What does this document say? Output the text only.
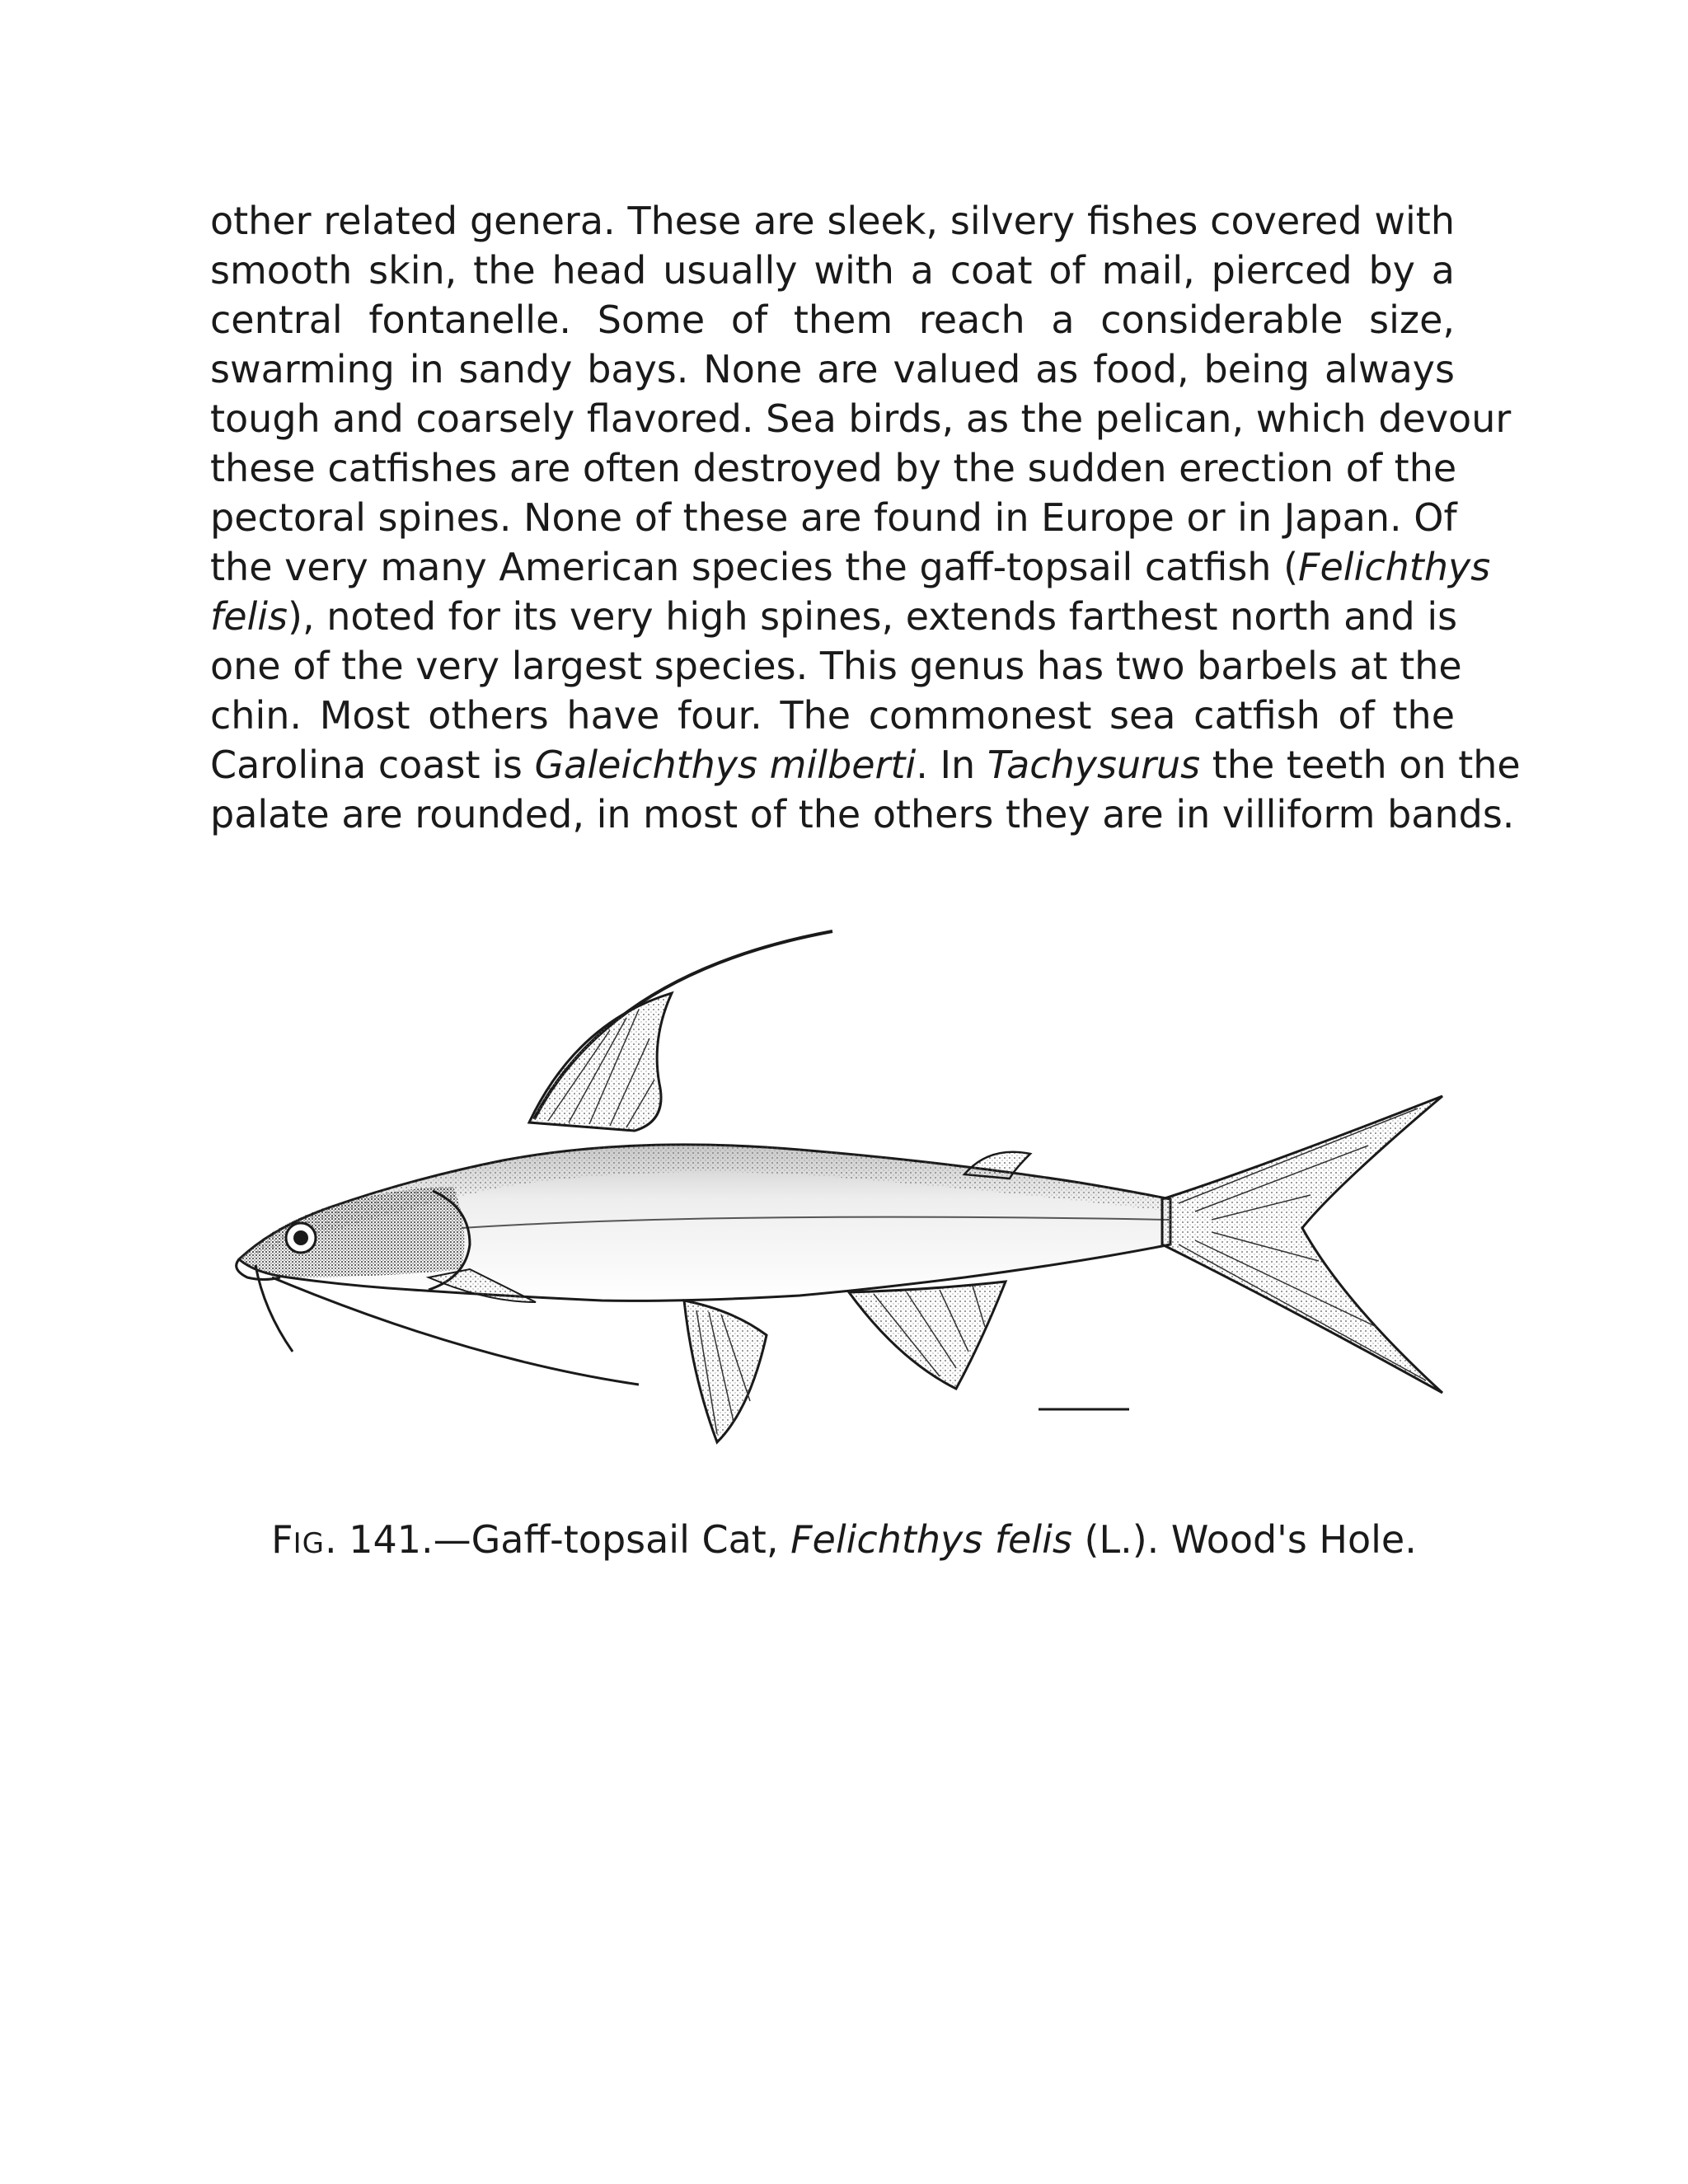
other related genera. These are sleek, silvery fishes covered with
smooth skin, the head usually with a coat of mail, pierced by a
central fontanelle. Some of them reach a considerable size,
swarming in sandy bays. None are valued as food, being always
tough and coarsely flavored. Sea birds, as the pelican, which devour
these catfishes are often destroyed by the sudden erection of the
pectoral spines. None of these are found in Europe or in Japan. Of
the very many American species the gaff-topsail catfish (Felichthys
felis), noted for its very high spines, extends farthest north and is
one of the very largest species. This genus has two barbels at the
chin. Most others have four. The commonest sea catfish of the
Carolina coast is Galeichthys milberti. In Tachysurus the teeth on the
palate are rounded, in most of the others they are in villiform bands.
FIG. 141.—Gaff-topsail Cat, Felichthys felis (L.). Wood's Hole.
